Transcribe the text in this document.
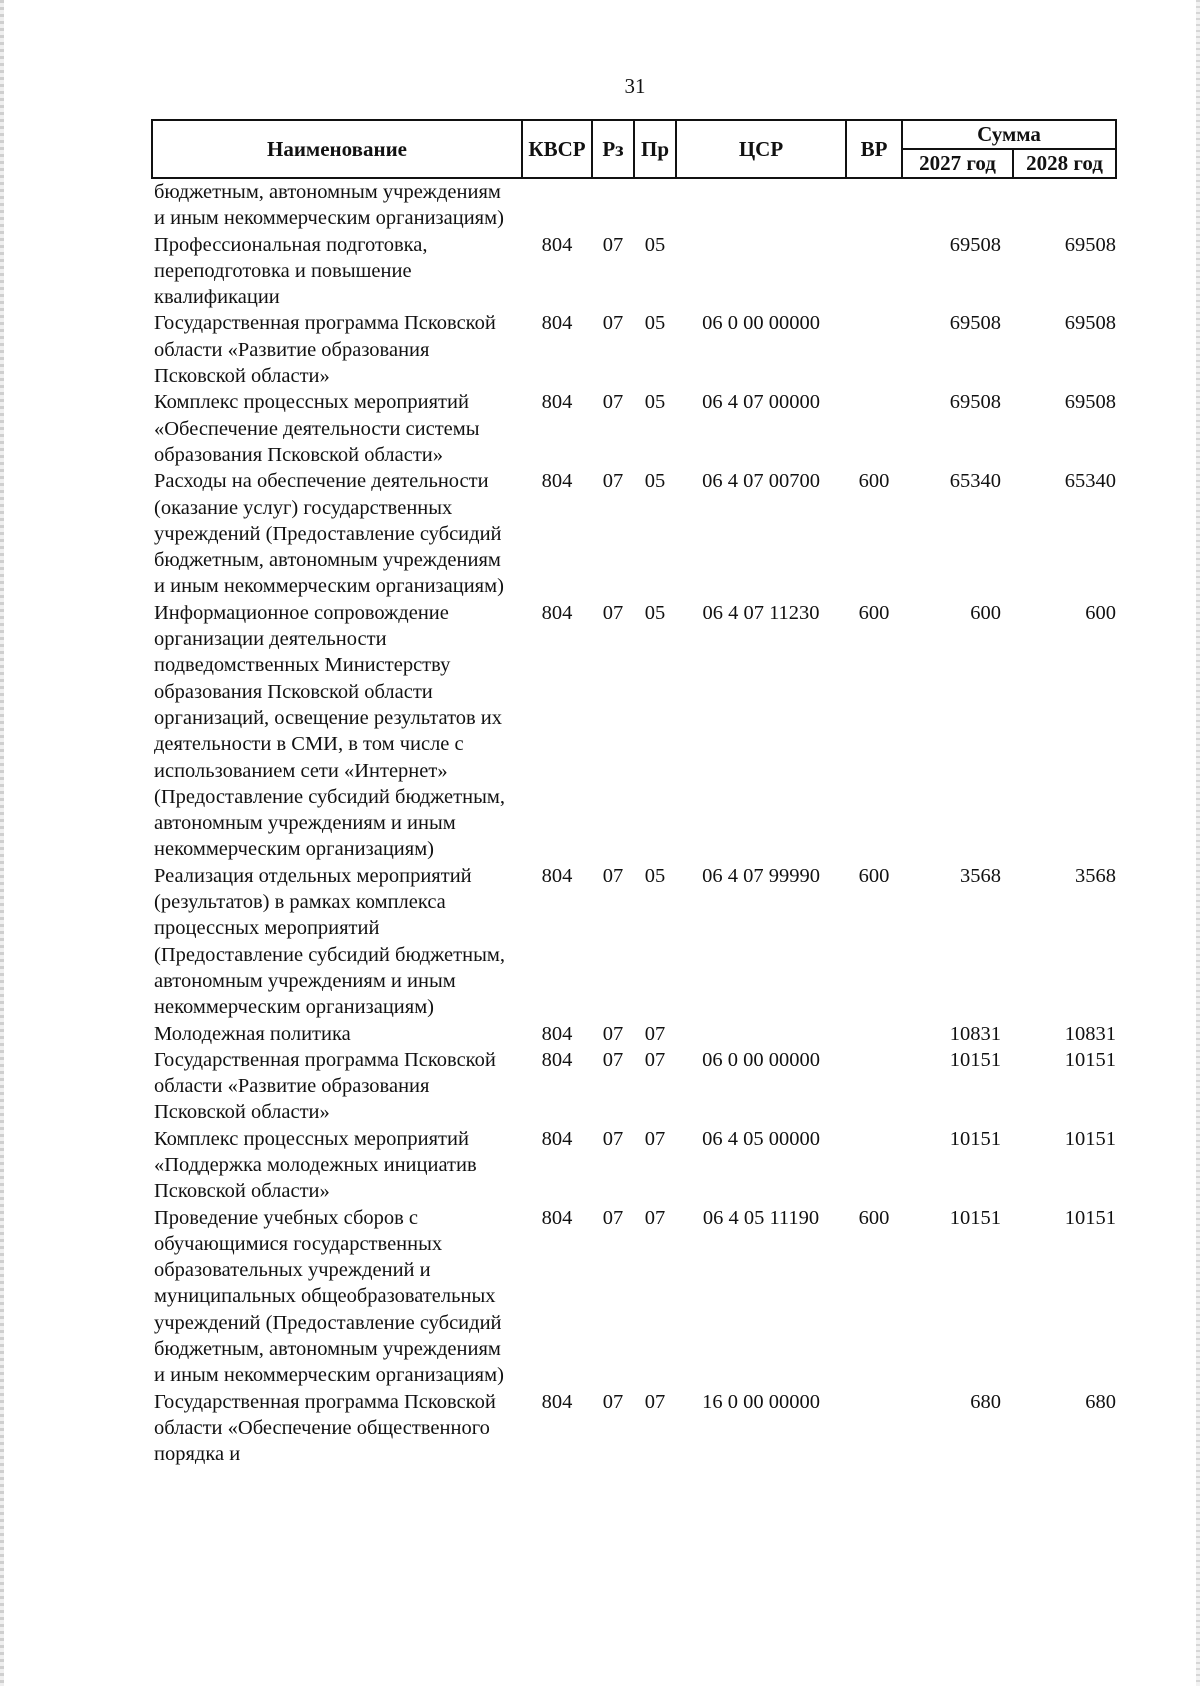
31
Наименование	КВСР	Рз	Пр	ЦСР	ВР	Сумма	
						2027 год	2028 год
бюджетным, автономным учреждениям и иным некоммерческим организациям)							
Профессиональная подготовка, переподготовка и повышение квалификации	804	07	05			69508	69508
Государственная программа Псковской области «Развитие образования Псковской области»	804	07	05	06 0 00 00000		69508	69508
Комплекс процессных мероприятий «Обеспечение деятельности системы образования Псковской области»	804	07	05	06 4 07 00000		69508	69508
Расходы на обеспечение деятельности (оказание услуг) государственных учреждений (Предоставление субсидий бюджетным, автономным учреждениям и иным некоммерческим организациям)	804	07	05	06 4 07 00700	600	65340	65340
Информационное сопровождение организации деятельности подведомственных Министерству образования Псковской области организаций, освещение результатов их деятельности в СМИ, в том числе с использованием сети «Интернет» (Предоставление субсидий бюджетным, автономным учреждениям и иным некоммерческим организациям)	804	07	05	06 4 07 11230	600	600	600
Реализация отдельных мероприятий (результатов) в рамках комплекса процессных мероприятий (Предоставление субсидий бюджетным, автономным учреждениям и иным некоммерческим организациям)	804	07	05	06 4 07 99990	600	3568	3568
Молодежная политика	804	07	07			10831	10831
Государственная программа Псковской области «Развитие образования Псковской области»	804	07	07	06 0 00 00000		10151	10151
Комплекс процессных мероприятий «Поддержка молодежных инициатив Псковской области»	804	07	07	06 4 05 00000		10151	10151
Проведение учебных сборов с обучающимися государственных образовательных учреждений и муниципальных общеобразовательных учреждений (Предоставление субсидий бюджетным, автономным учреждениям и иным некоммерческим организациям)	804	07	07	06 4 05 11190	600	10151	10151
Государственная программа Псковской области «Обеспечение общественного порядка и	804	07	07	16 0 00 00000		680	680
